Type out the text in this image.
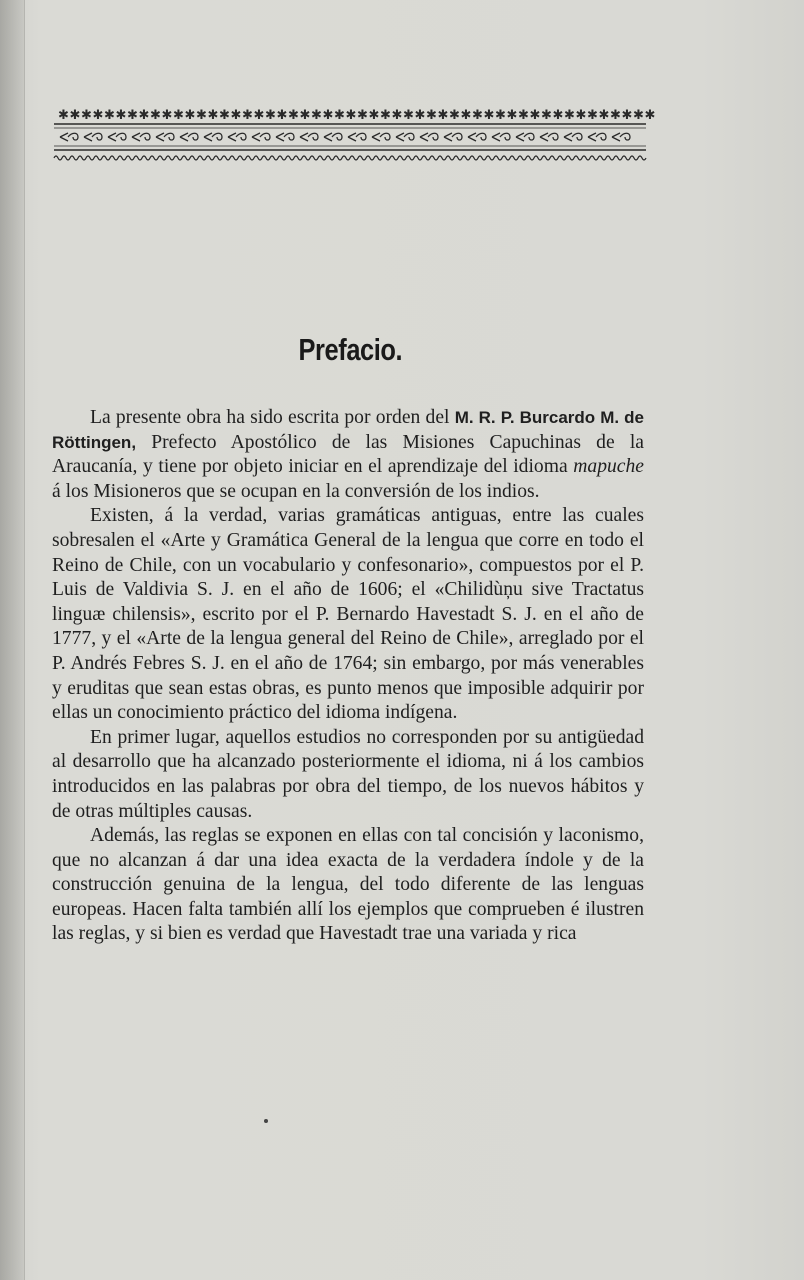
✱ ✱ ✱ ✱ ✱ ✱ ✱ ✱ ✱ ✱ ✱ ✱ ✱ ✱ ✱ ✱ ✱ ✱ ✱ ✱ ✱ ✱ ✱ ✱ ✱ ✱ ✱ ✱ ✱ ✱ ✱ ✱ ✱ ✱ ✱ ✱ ✱ ✱ ✱ ✱ ✱ ✱ ✱ ✱ ✱ ✱ ✱ ✱ ✱ ✱ ✱ ✱
Prefacio.

La presente obra ha sido escrita por orden del M. R. P. Burcardo M. de Röttingen, Prefecto Apostólico de las Misiones Capuchinas de la Araucanía, y tiene por objeto iniciar en el aprendizaje del idioma mapuche á los Misioneros que se ocupan en la conversión de los indios.

Existen, á la verdad, varias gramáticas antiguas, entre las cuales sobresalen el «Arte y Gramática General de la lengua que corre en todo el Reino de Chile, con un vocabulario y confesonario», compuestos por el P. Luis de Valdivia S. J. en el año de 1606; el «Chilidùņu sive Tractatus linguæ chilensis», escrito por el P. Bernardo Havestadt S. J. en el año de 1777, y el «Arte de la lengua general del Reino de Chile», arreglado por el P. Andrés Febres S. J. en el año de 1764; sin embargo, por más venerables y eruditas que sean estas obras, es punto menos que imposible adquirir por ellas un conocimiento práctico del idioma indígena.

En primer lugar, aquellos estudios no corresponden por su antigüedad al desarrollo que ha alcanzado posteriormente el idioma, ni á los cambios introducidos en las palabras por obra del tiempo, de los nuevos hábitos y de otras múltiples causas.

Además, las reglas se exponen en ellas con tal concisión y laconismo, que no alcanzan á dar una idea exacta de la verdadera índole y de la construcción genuina de la lengua, del todo diferente de las lenguas europeas. Hacen falta también allí los ejemplos que comprueben é ilustren las reglas, y si bien es verdad que Havestadt trae una variada y rica
